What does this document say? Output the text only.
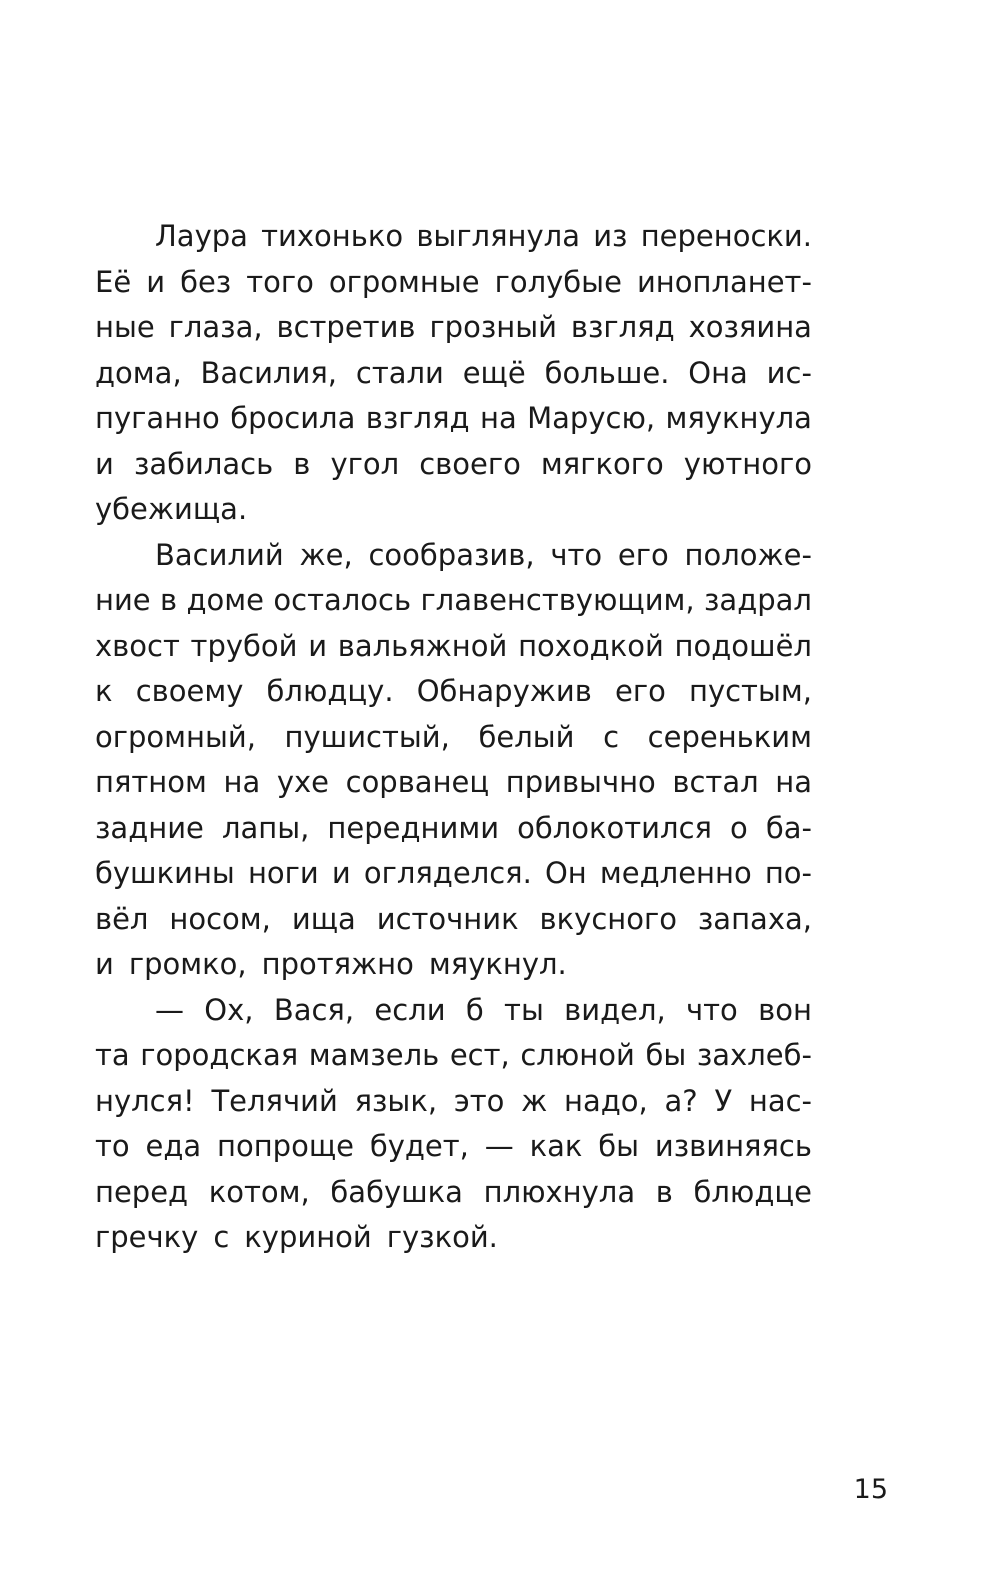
Лаура тихонько выглянула из переноски.
Её и без того огромные голубые инопланет-
ные глаза, встретив грозный взгляд хозяина
дома, Василия, стали ещё больше. Она ис-
пуганно бросила взгляд на Марусю, мяукнула
и забилась в угол своего мягкого уютного
убежища.
Василий же, сообразив, что его положе-
ние в доме осталось главенствующим, задрал
хвост трубой и вальяжной походкой подошёл
к своему блюдцу. Обнаружив его пустым,
огромный, пушистый, белый с сереньким
пятном на ухе сорванец привычно встал на
задние лапы, передними облокотился о ба-
бушкины ноги и огляделся. Он медленно по-
вёл носом, ища источник вкусного запаха,
и громко, протяжно мяукнул.
— Ох, Вася, если б ты видел, что вон
та городская мамзель ест, слюной бы захлеб-
нулся! Телячий язык, это ж надо, а? У нас-
то еда попроще будет, — как бы извиняясь
перед котом, бабушка плюхнула в блюдце
гречку с куриной гузкой.
15
